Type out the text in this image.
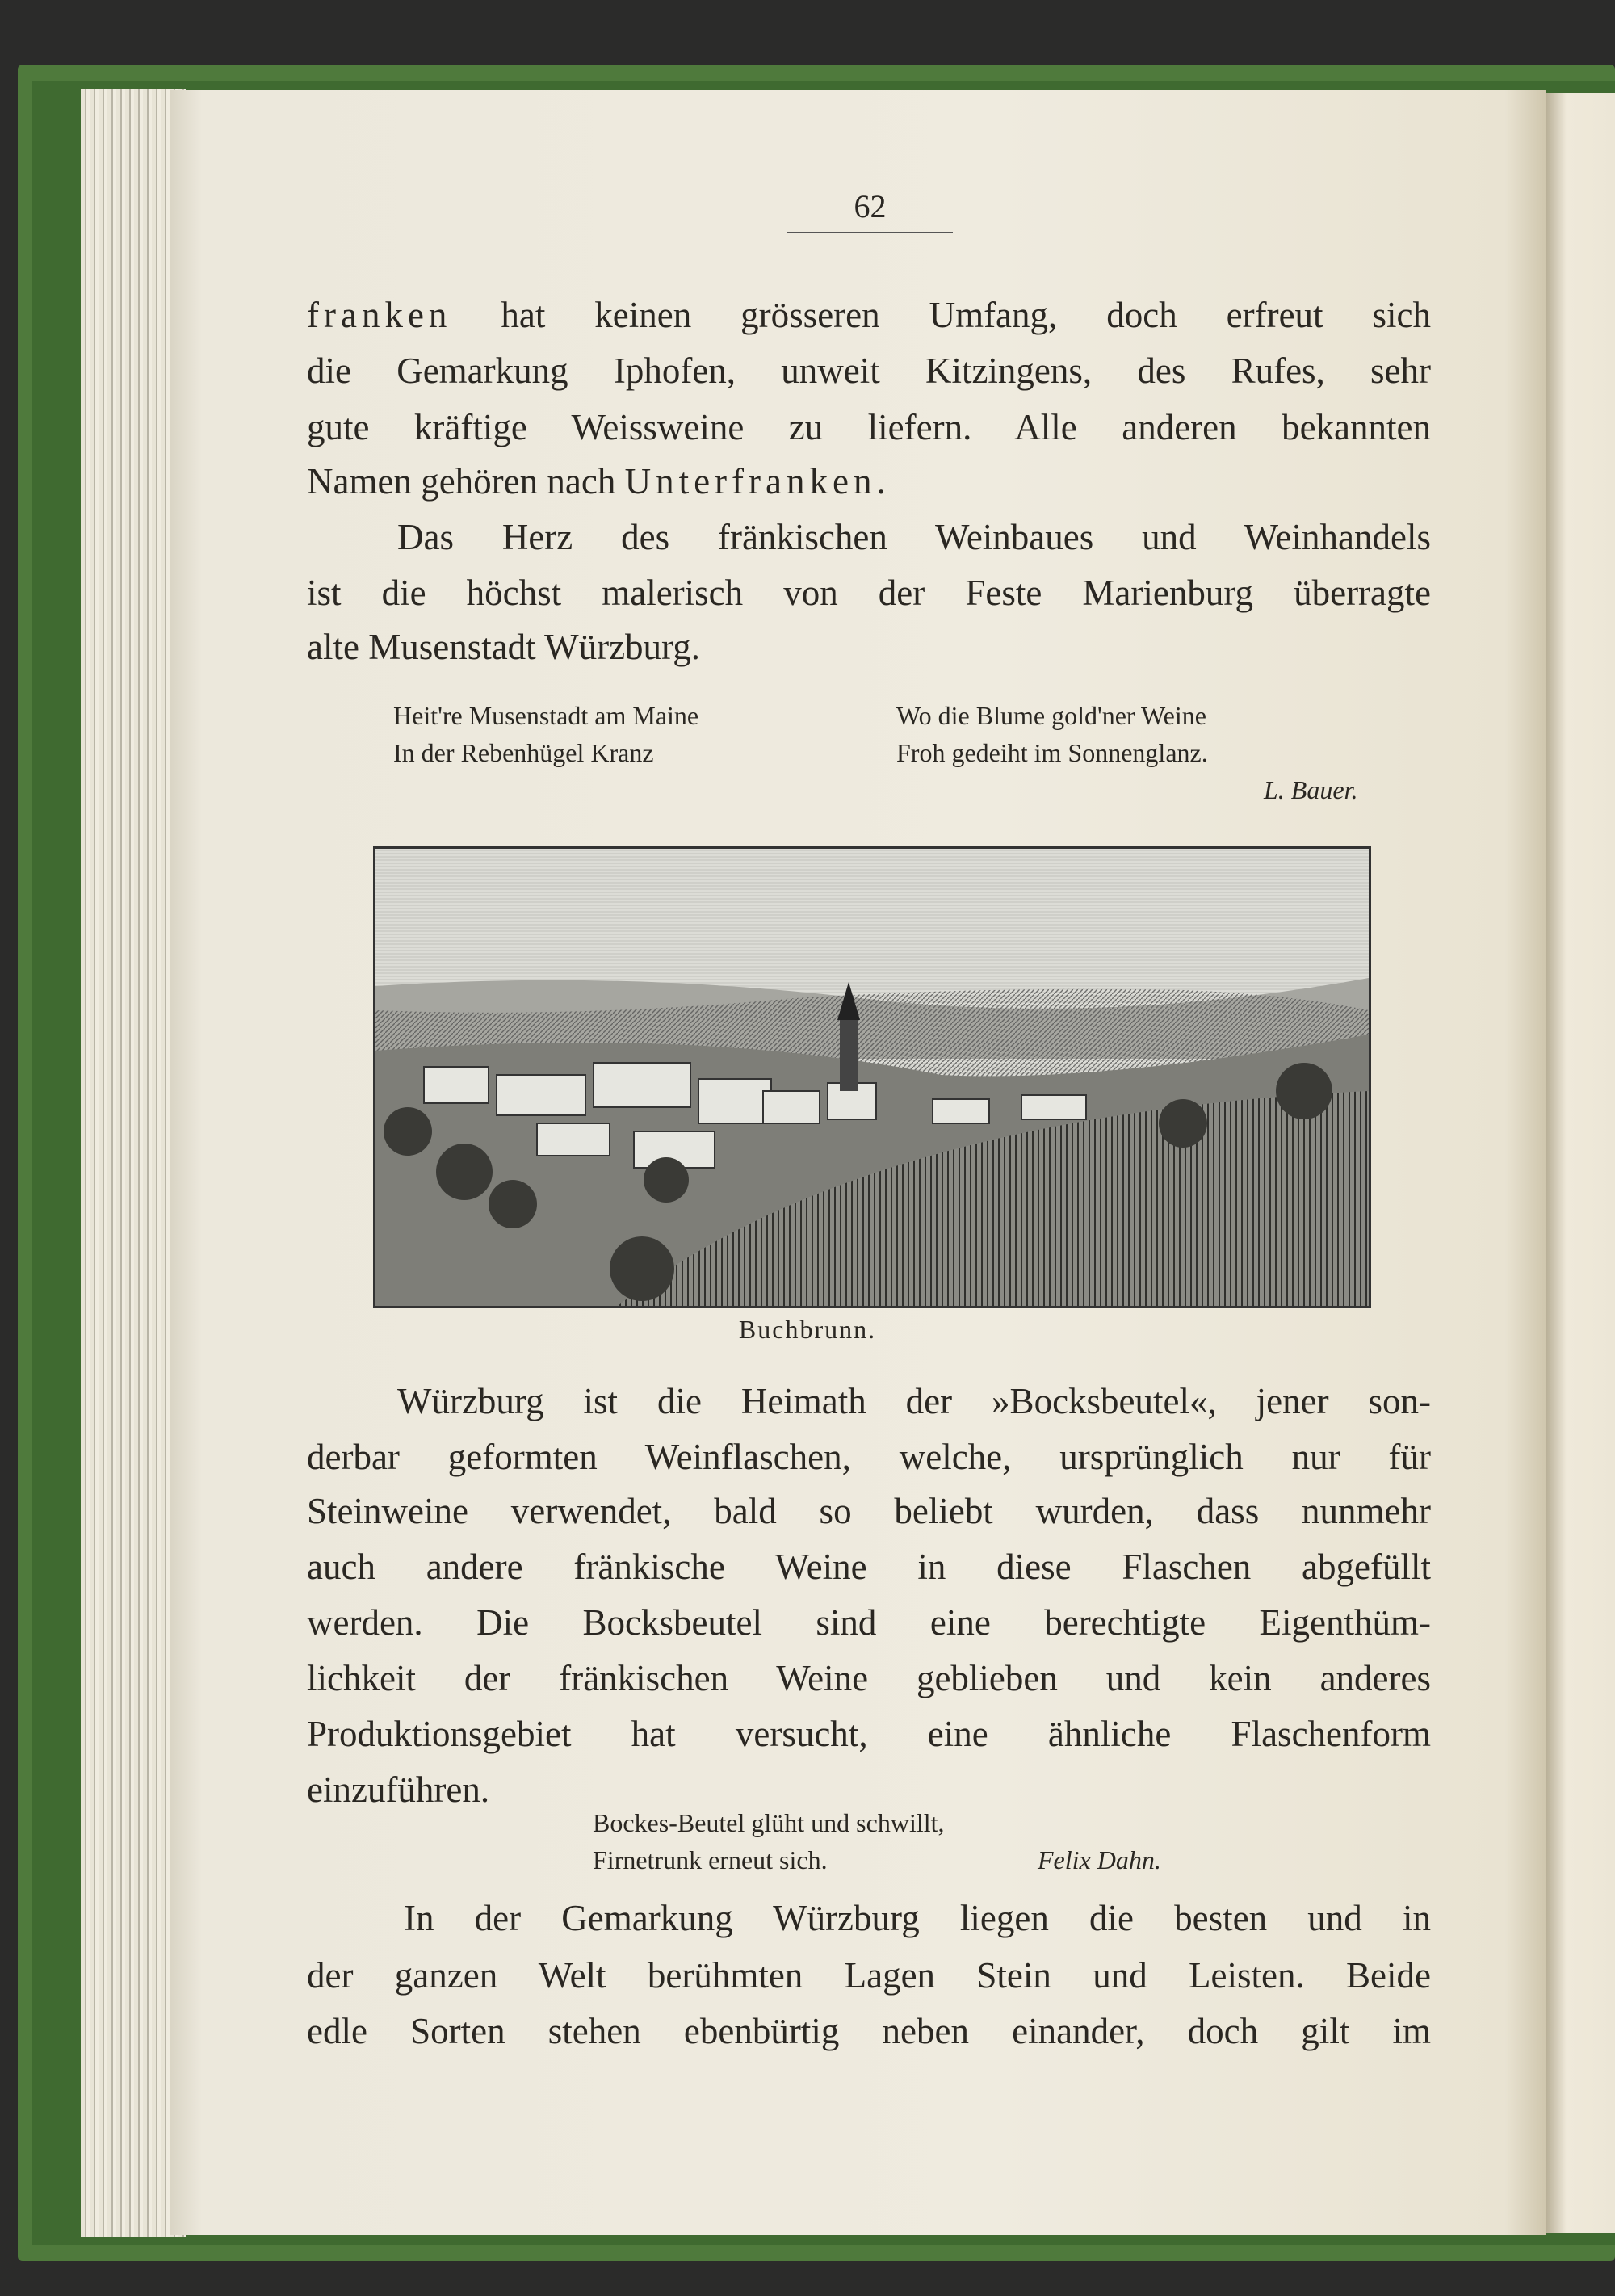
62
franken hat keinen grösseren Umfang, doch erfreut sich
die Gemarkung Iphofen, unweit Kitzingens, des Rufes, sehr
gute kräftige Weissweine zu liefern. Alle anderen bekannten
Namen gehören nach Unterfranken.
Das Herz des fränkischen Weinbaues und Weinhandels
ist die höchst malerisch von der Feste Marienburg überragte
alte Musenstadt Würzburg.
Heit're Musenstadt am Maine
In der Rebenhügel Kranz
Wo die Blume gold'ner Weine
Froh gedeiht im Sonnenglanz.
L. Bauer.
Buchbrunn.
Würzburg ist die Heimath der »Bocksbeutel«, jener son-
derbar geformten Weinflaschen, welche, ursprünglich nur für
Steinweine verwendet, bald so beliebt wurden, dass nunmehr
auch andere fränkische Weine in diese Flaschen abgefüllt
werden. Die Bocksbeutel sind eine berechtigte Eigenthüm-
lichkeit der fränkischen Weine geblieben und kein anderes
Produktionsgebiet hat versucht, eine ähnliche Flaschenform
einzuführen.
Bockes-Beutel glüht und schwillt,
Firnetrunk erneut sich.	Felix Dahn.
In der Gemarkung Würzburg liegen die besten und in
der ganzen Welt berühmten Lagen Stein und Leisten. Beide
edle Sorten stehen ebenbürtig neben einander, doch gilt im
